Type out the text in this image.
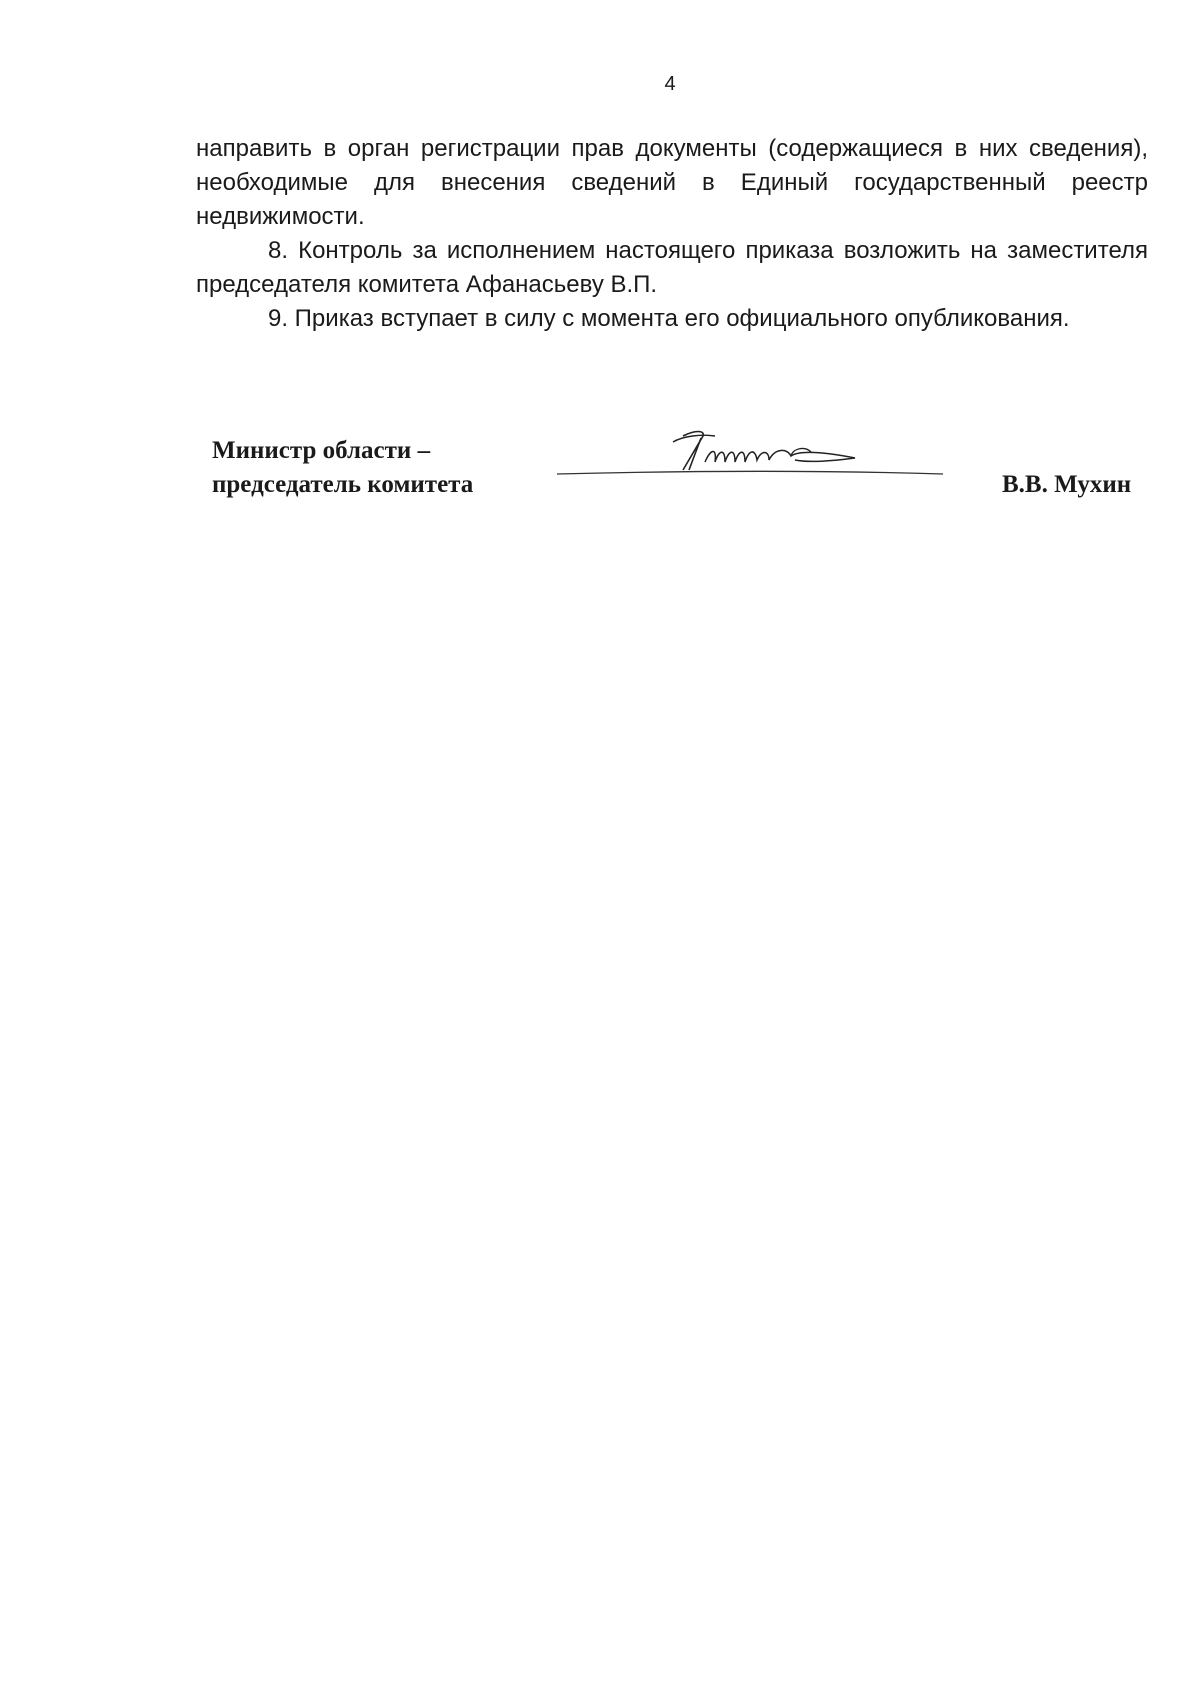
4

направить в орган регистрации прав документы (содержащиеся в них сведения), необходимые для внесения сведений в Единый государственный реестр недвижимости.

8. Контроль за исполнением настоящего приказа возложить на заместителя председателя комитета Афанасьеву В.П.

9. Приказ вступает в силу с момента его официального опубликования.

Министр области –
председатель комитета	В.В. Мухин
